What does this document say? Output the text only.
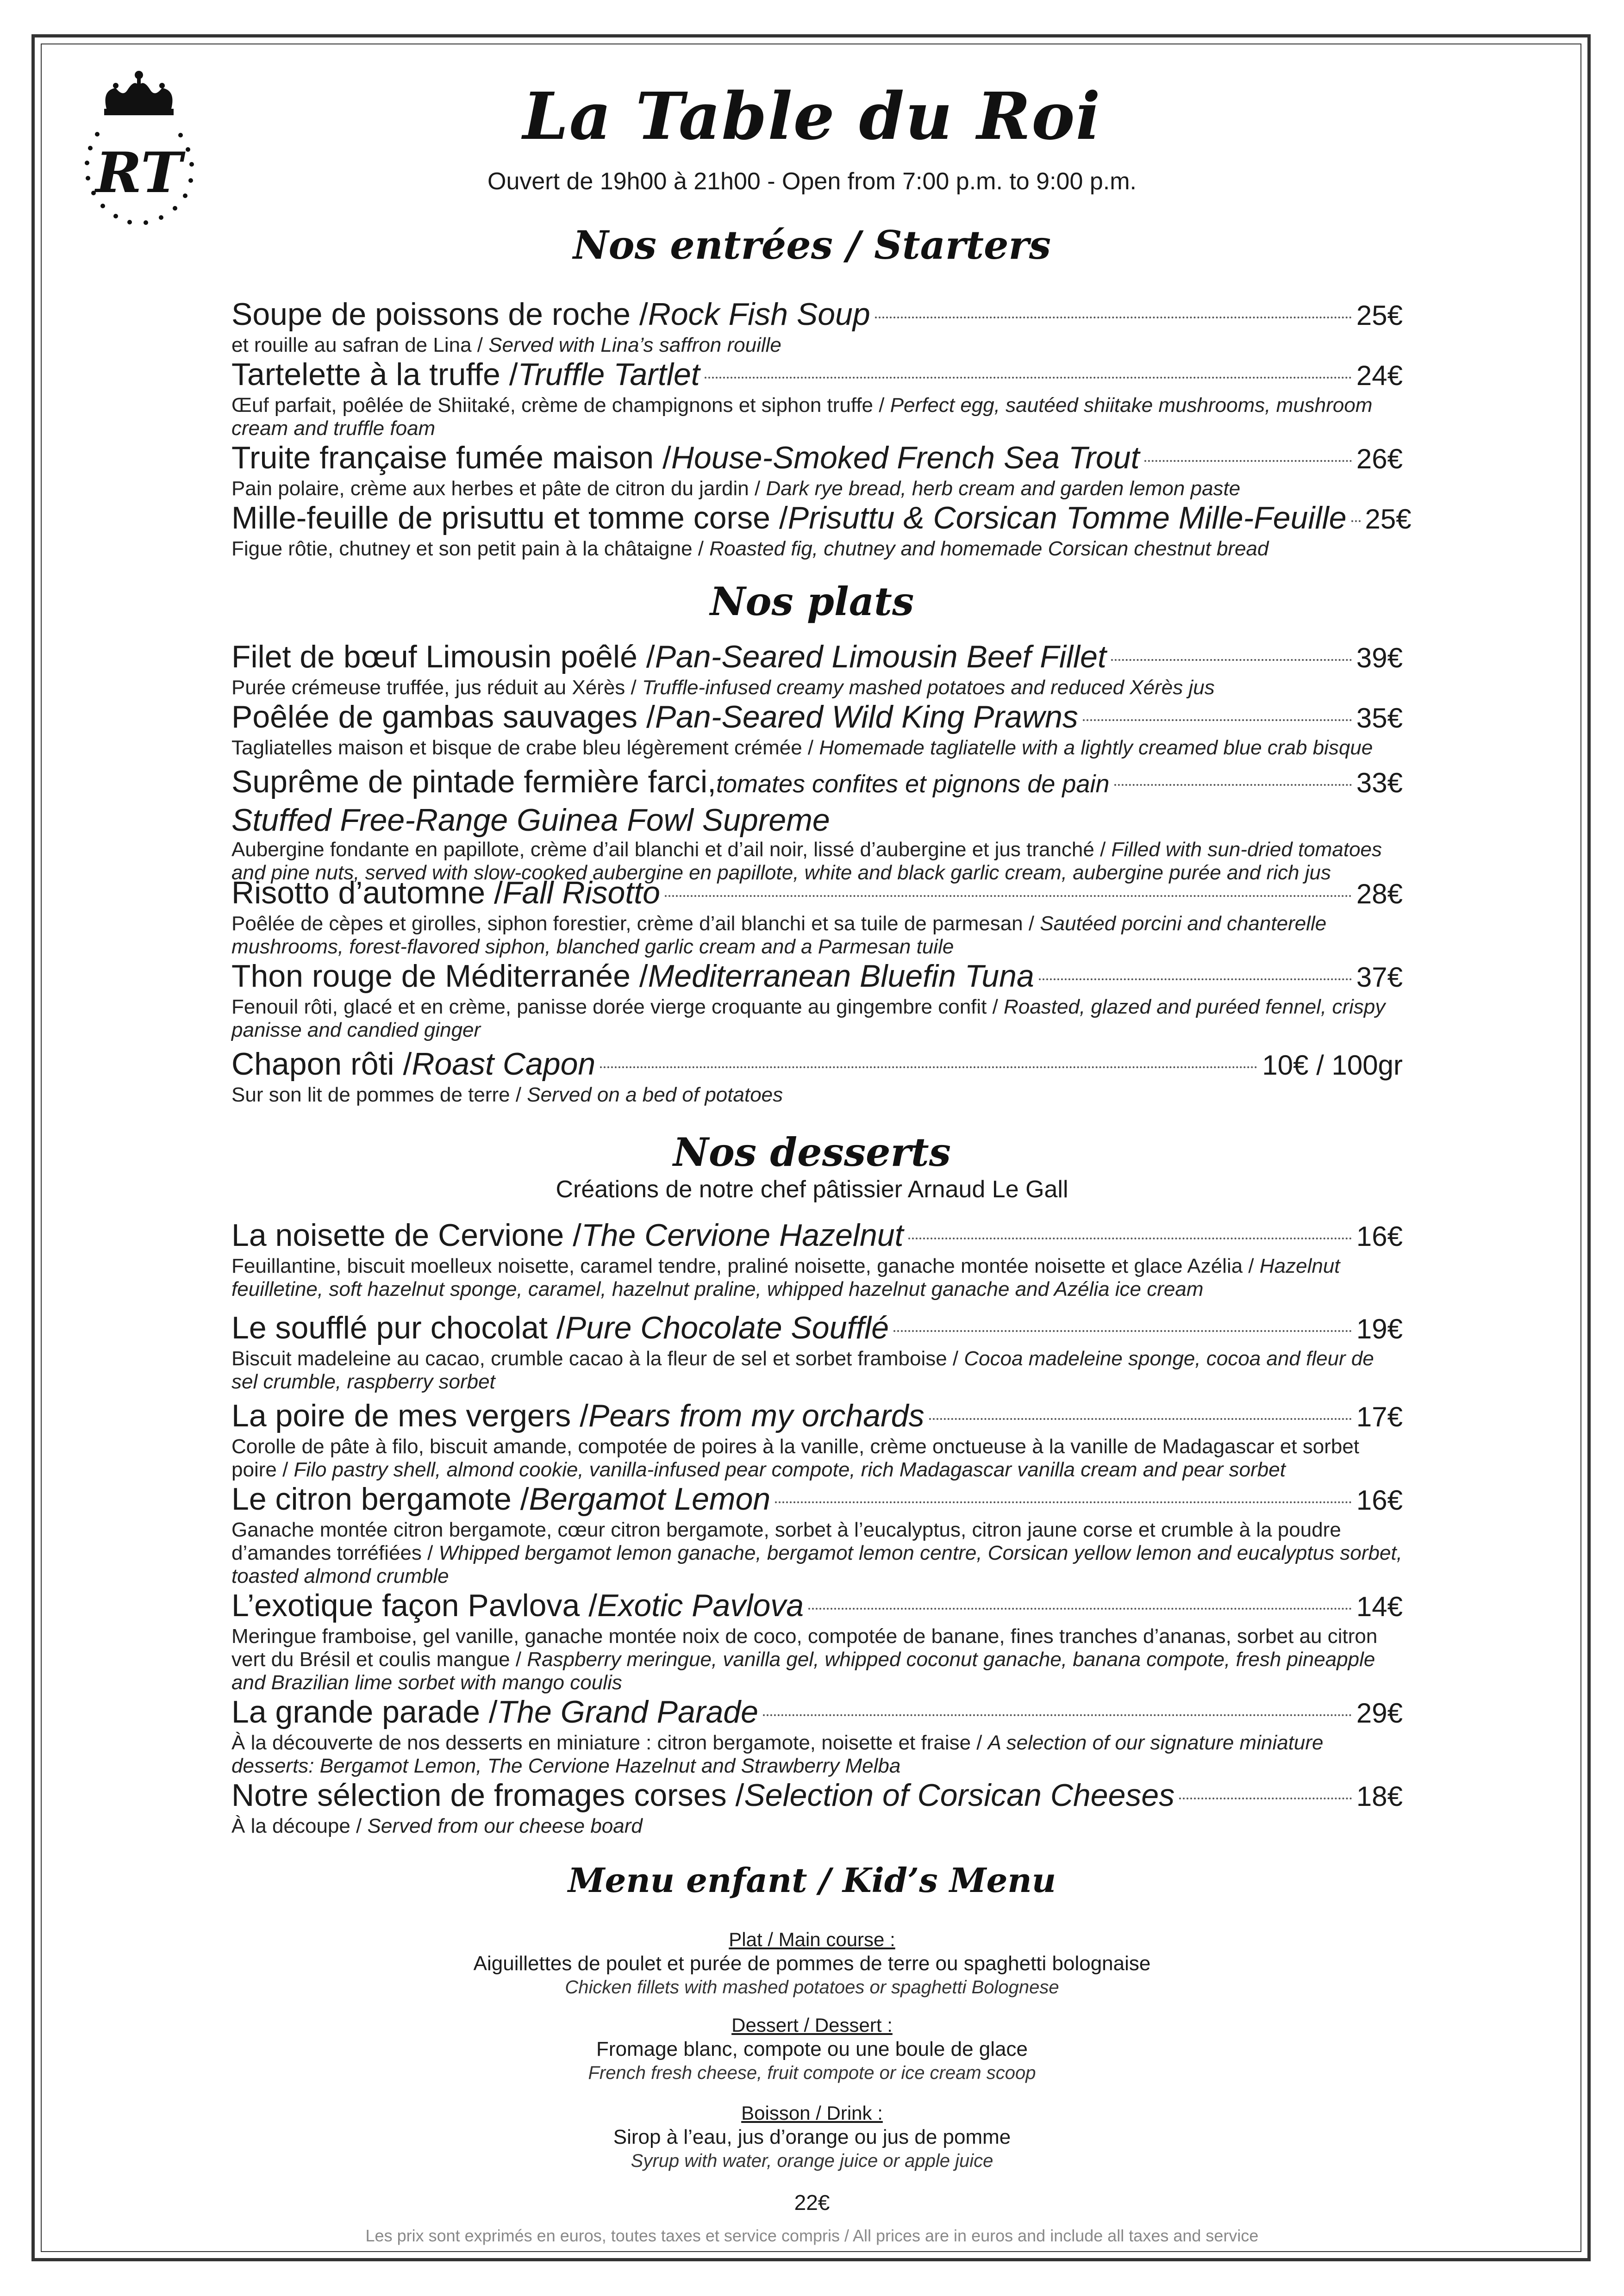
RT
La Table du Roi
Ouvert de 19h00 à 21h00 - Open from 7:00 p.m. to 9:00 p.m.
Nos entrées / Starters
Soupe de poissons de roche / Rock Fish Soup	25€
et rouille au safran de Lina / Served with Lina’s saffron rouille
Tartelette à la truffe / Truffle Tartlet	24€
Œuf parfait, poêlée de Shiitaké, crème de champignons et siphon truffe / Perfect egg, sautéed shiitake mushrooms, mushroom cream and truffle foam
Truite française fumée maison / House-Smoked French Sea Trout	26€
Pain polaire, crème aux herbes et pâte de citron du jardin / Dark rye bread, herb cream and garden lemon paste
Mille-feuille de prisuttu et tomme corse / Prisuttu & Corsican Tomme Mille-Feuille 25€
Figue rôtie, chutney et son petit pain à la châtaigne / Roasted fig, chutney and homemade Corsican chestnut bread
Nos plats
Filet de bœuf Limousin poêlé / Pan-Seared Limousin Beef Fillet	39€
Purée crémeuse truffée, jus réduit au Xérès / Truffle-infused creamy mashed potatoes and reduced Xérès jus
Poêlée de gambas sauvages / Pan-Seared Wild King Prawns	35€
Tagliatelles maison et bisque de crabe bleu légèrement crémée / Homemade tagliatelle with a lightly creamed blue crab bisque
Suprême de pintade fermière farci, tomates confites et pignons de pain	33€
Stuffed Free-Range Guinea Fowl Supreme
Aubergine fondante en papillote, crème d’ail blanchi et d’ail noir, lissé d’aubergine et jus tranché / Filled with sun-dried tomatoes and pine nuts, served with slow-cooked aubergine en papillote, white and black garlic cream, aubergine purée and rich jus
Risotto d’automne / Fall Risotto	28€
Poêlée de cèpes et girolles, siphon forestier, crème d’ail blanchi et sa tuile de parmesan / Sautéed porcini and chanterelle mushrooms, forest-flavored siphon, blanched garlic cream and a Parmesan tuile
Thon rouge de Méditerranée / Mediterranean Bluefin Tuna	37€
Fenouil rôti, glacé et en crème, panisse dorée vierge croquante au gingembre confit / Roasted, glazed and puréed fennel, crispy panisse and candied ginger
Chapon rôti / Roast Capon	10€ / 100gr
Sur son lit de pommes de terre / Served on a bed of potatoes
Nos desserts
Créations de notre chef pâtissier Arnaud Le Gall
La noisette de Cervione / The Cervione Hazelnut	16€
Feuillantine, biscuit moelleux noisette, caramel tendre, praliné noisette, ganache montée noisette et glace Azélia / Hazelnut feuilletine, soft hazelnut sponge, caramel, hazelnut praline, whipped hazelnut ganache and Azélia ice cream
Le soufflé pur chocolat / Pure Chocolate Soufflé	19€
Biscuit madeleine au cacao, crumble cacao à la fleur de sel et sorbet framboise / Cocoa madeleine sponge, cocoa and fleur de sel crumble, raspberry sorbet
La poire de mes vergers / Pears from my orchards	17€
Corolle de pâte à filo, biscuit amande, compotée de poires à la vanille, crème onctueuse à la vanille de Madagascar et sorbet poire / Filo pastry shell, almond cookie, vanilla-infused pear compote, rich Madagascar vanilla cream and pear sorbet
Le citron bergamote / Bergamot Lemon	16€
Ganache montée citron bergamote, cœur citron bergamote, sorbet à l’eucalyptus, citron jaune corse et crumble à la poudre d’amandes torréfiées / Whipped bergamot lemon ganache, bergamot lemon centre, Corsican yellow lemon and eucalyptus sorbet, toasted almond crumble
L’exotique façon Pavlova / Exotic Pavlova	14€
Meringue framboise, gel vanille, ganache montée noix de coco, compotée de banane, fines tranches d’ananas, sorbet au citron vert du Brésil et coulis mangue / Raspberry meringue, vanilla gel, whipped coconut ganache, banana compote, fresh pineapple and Brazilian lime sorbet with mango coulis
La grande parade / The Grand Parade	29€
À la découverte de nos desserts en miniature : citron bergamote, noisette et fraise / A selection of our signature miniature desserts: Bergamot Lemon, The Cervione Hazelnut and Strawberry Melba
Notre sélection de fromages corses / Selection of Corsican Cheeses	18€
À la découpe / Served from our cheese board
Menu enfant / Kid’s Menu
Plat / Main course :
Aiguillettes de poulet et purée de pommes de terre ou spaghetti bolognaise
Chicken fillets with mashed potatoes or spaghetti Bolognese
Dessert / Dessert :
Fromage blanc, compote ou une boule de glace
French fresh cheese, fruit compote or ice cream scoop
Boisson / Drink :
Sirop à l’eau, jus d’orange ou jus de pomme
Syrup with water, orange juice or apple juice
22€
Les prix sont exprimés en euros, toutes taxes et service compris / All prices are in euros and include all taxes and service
